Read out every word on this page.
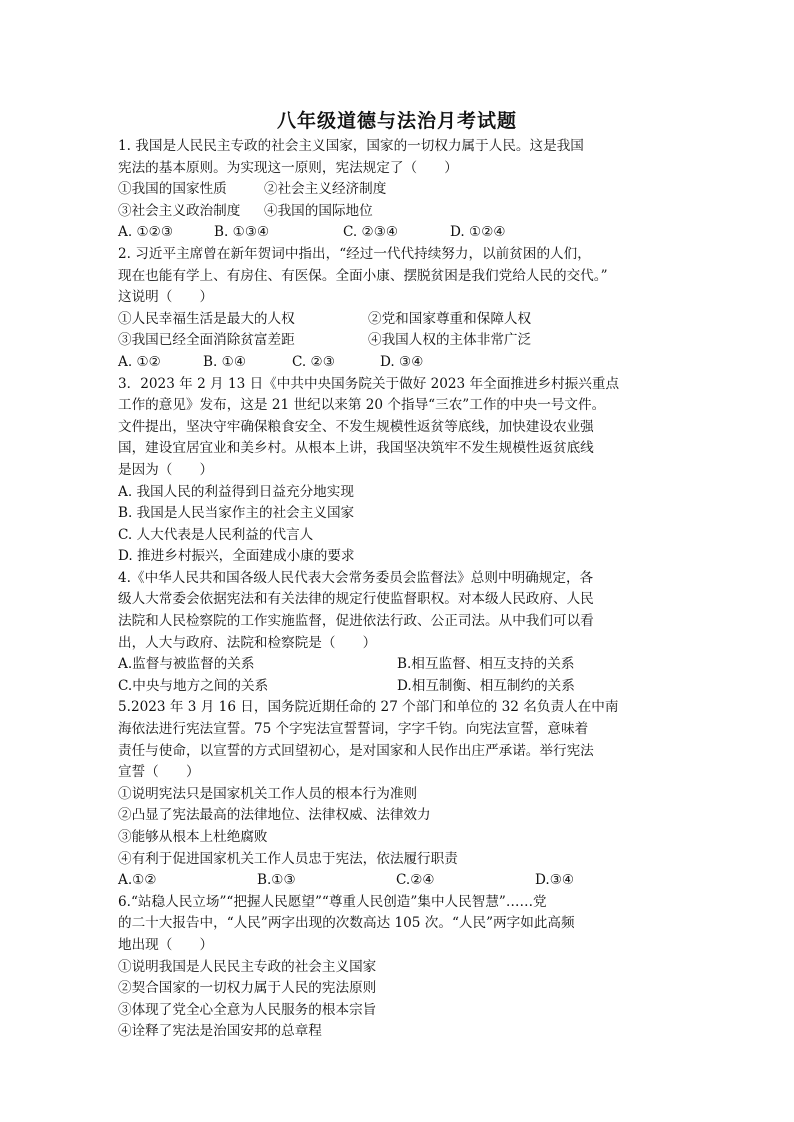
八年级道德与法治月考试题
1. 我国是人民民主专政的社会主义国家，国家的一切权力属于人民。这是我国
宪法的基本原则。为实现这一原则，宪法规定了（　　）
①我国的国家性质	②社会主义经济制度
③社会主义政治制度	④我国的国际地位
A. ①②③	B. ①③④	C. ②③④	D. ①②④
2. 习近平主席曾在新年贺词中指出，“经过一代代持续努力，以前贫困的人们，
现在也能有学上、有房住、有医保。全面小康、摆脱贫困是我们党给人民的交代。”
这说明（　　）
①人民幸福生活是最大的人权	②党和国家尊重和保障人权
③我国已经全面消除贫富差距	④我国人权的主体非常广泛
A. ①②	B. ①④	C. ②③	D. ③④
3．2023 年 2 月 13 日《中共中央国务院关于做好 2023 年全面推进乡村振兴重点
工作的意见》发布，这是 21 世纪以来第 20 个指导“三农”工作的中央一号文件。
文件提出，坚决守牢确保粮食安全、不发生规模性返贫等底线，加快建设农业强
国，建设宜居宜业和美乡村。从根本上讲，我国坚决筑牢不发生规模性返贫底线
是因为（　　）
A. 我国人民的利益得到日益充分地实现
B. 我国是人民当家作主的社会主义国家
C. 人大代表是人民利益的代言人
D. 推进乡村振兴，全面建成小康的要求
4.《中华人民共和国各级人民代表大会常务委员会监督法》总则中明确规定，各
级人大常委会依据宪法和有关法律的规定行使监督职权。对本级人民政府、人民
法院和人民检察院的工作实施监督，促进依法行政、公正司法。从中我们可以看
出，人大与政府、法院和检察院是（　　）
A.监督与被监督的关系	B.相互监督、相互支持的关系
C.中央与地方之间的关系	D.相互制衡、相互制约的关系
5.2023 年 3 月 16 日，国务院近期任命的 27 个部门和单位的 32 名负责人在中南
海依法进行宪法宣誓。75 个字宪法宣誓誓词，字字千钧。向宪法宣誓，意味着
责任与使命，以宣誓的方式回望初心，是对国家和人民作出庄严承诺。举行宪法
宣誓（　　）
①说明宪法只是国家机关工作人员的根本行为准则
②凸显了宪法最高的法律地位、法律权威、法律效力
③能够从根本上杜绝腐败
④有利于促进国家机关工作人员忠于宪法，依法履行职责
A.①②	B.①③	C.②④	D.③④
6.“站稳人民立场”“把握人民愿望”“尊重人民创造”集中人民智慧”……党
的二十大报告中，“人民”两字出现的次数高达 105 次。“人民”两字如此高频
地出现（　　）
①说明我国是人民民主专政的社会主义国家
②契合国家的一切权力属于人民的宪法原则
③体现了党全心全意为人民服务的根本宗旨
④诠释了宪法是治国安邦的总章程
